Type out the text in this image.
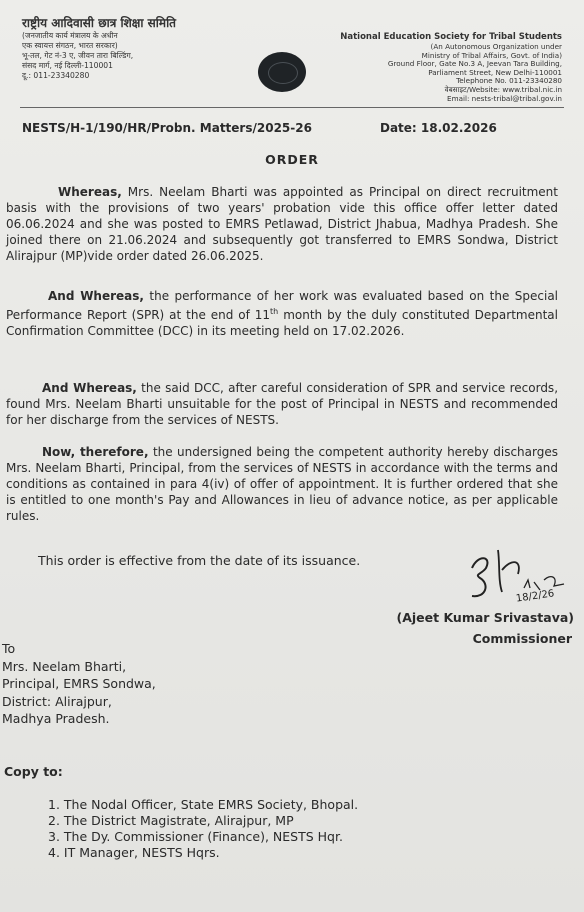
राष्ट्रीय आदिवासी छात्र शिक्षा समिति
(जनजातीय कार्य मंत्रालय के अधीन
एक स्वायत्त संगठन, भारत सरकार)
भू-तल, गेट नं-3 ए, जीवन तारा बिल्डिंग,
संसद मार्ग, नई दिल्ली-110001
दू.: 011-23340280
National Education Society for Tribal Students
(An Autonomous Organization under
Ministry of Tribal Affairs, Govt. of India)
Ground Floor, Gate No.3 A, Jeevan Tara Building,
Parliament Street, New Delhi-110001
Telephone No. 011-23340280
वेबसाइट/Website: www.tribal.nic.in
Email: nests-tribal@tribal.gov.in
NESTS/H-1/190/HR/Probn. Matters/2025-26	Date: 18.02.2026
ORDER
Whereas, Mrs. Neelam Bharti was appointed as Principal on direct recruitment basis with the provisions of two years' probation vide this office offer letter dated 06.06.2024 and she was posted to EMRS Petlawad, District Jhabua, Madhya Pradesh. She joined there on 21.06.2024 and subsequently got transferred to EMRS Sondwa, District Alirajpur (MP)vide order dated 26.06.2025.
And Whereas, the performance of her work was evaluated based on the Special Performance Report (SPR) at the end of 11th month by the duly constituted Departmental Confirmation Committee (DCC) in its meeting held on 17.02.2026.
And Whereas, the said DCC, after careful consideration of SPR and service records, found Mrs. Neelam Bharti unsuitable for the post of Principal in NESTS and recommended for her discharge from the services of NESTS.
Now, therefore, the undersigned being the competent authority hereby discharges Mrs. Neelam Bharti, Principal, from the services of NESTS in accordance with the terms and conditions as contained in para 4(iv) of offer of appointment. It is further ordered that she is entitled to one month's Pay and Allowances in lieu of advance notice, as per applicable rules.
This order is effective from the date of its issuance.
18/2/26
(Ajeet Kumar Srivastava)
Commissioner
To
Mrs. Neelam Bharti,
Principal, EMRS Sondwa,
District: Alirajpur,
Madhya Pradesh.
Copy to:
1. The Nodal Officer, State EMRS Society, Bhopal.
2. The District Magistrate, Alirajpur, MP
3. The Dy. Commissioner (Finance), NESTS Hqr.
4. IT Manager, NESTS Hqrs.
